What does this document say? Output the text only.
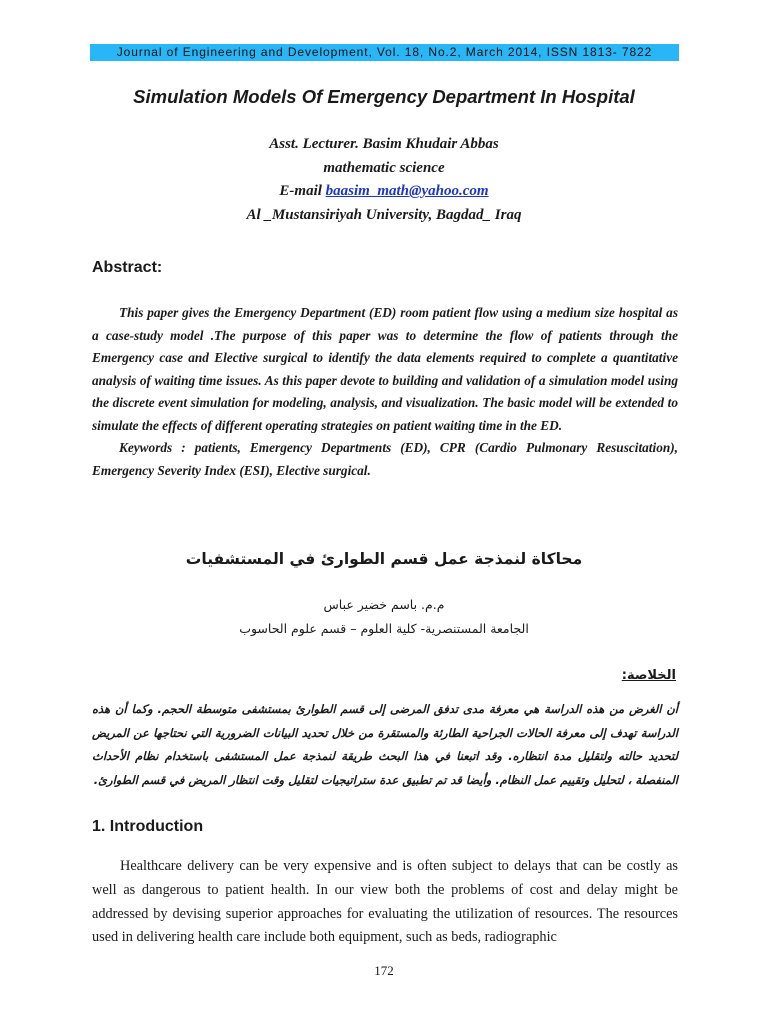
Journal of Engineering and Development, Vol. 18, No.2, March 2014, ISSN 1813- 7822
Simulation Models Of Emergency Department In Hospital
Asst. Lecturer. Basim Khudair Abbas
mathematic science
E-mail baasim_math@yahoo.com
Al _Mustansiriyah University, Bagdad_ Iraq
Abstract:

This paper gives the Emergency Department (ED) room patient flow using a medium size hospital as a case-study model .The purpose of this paper was to determine the flow of patients through the Emergency case and Elective surgical to identify the data elements required to complete a quantitative analysis of waiting time issues. As this paper devote to building and validation of a simulation model using the discrete event simulation for modeling, analysis, and visualization. The basic model will be extended to simulate the effects of different operating strategies on patient waiting time in the ED.

Keywords : patients, Emergency Departments (ED), CPR (Cardio Pulmonary Resuscitation), Emergency Severity Index (ESI), Elective surgical.

محاكاة لنمذجة عمل قسم الطوارئ في المستشفيات
م.م. باسم خضير عباس
الجامعة المستنصرية- كلية العلوم – قسم علوم الحاسوب
الخلاصة:
أن الغرض من هذه الدراسة هي معرفة مدى تدفق المرضى إلى قسم الطوارئ بمستشفى متوسطة الحجم. وكما أن هذه الدراسة تهدف إلى معرفة الحالات الجراحية الطارئة والمستقرة من خلال تحديد البيانات الضرورية التي نحتاجها عن المريض لتحديد حالته ولتقليل مدة انتظاره. وقد اتبعنا في هذا البحث طريقة لنمذجة عمل المستشفى باستخدام نظام الأحداث المنفصلة ، لتحليل وتقييم عمل النظام. وأيضا قد تم تطبيق عدة ستراتيجيات لتقليل وقت انتظار المريض في قسم الطوارئ.
1. Introduction

Healthcare delivery can be very expensive and is often subject to delays that can be costly as well as dangerous to patient health. In our view both the problems of cost and delay might be addressed by devising superior approaches for evaluating the utilization of resources. The resources used in delivering health care include both equipment, such as beds, radiographic

172
